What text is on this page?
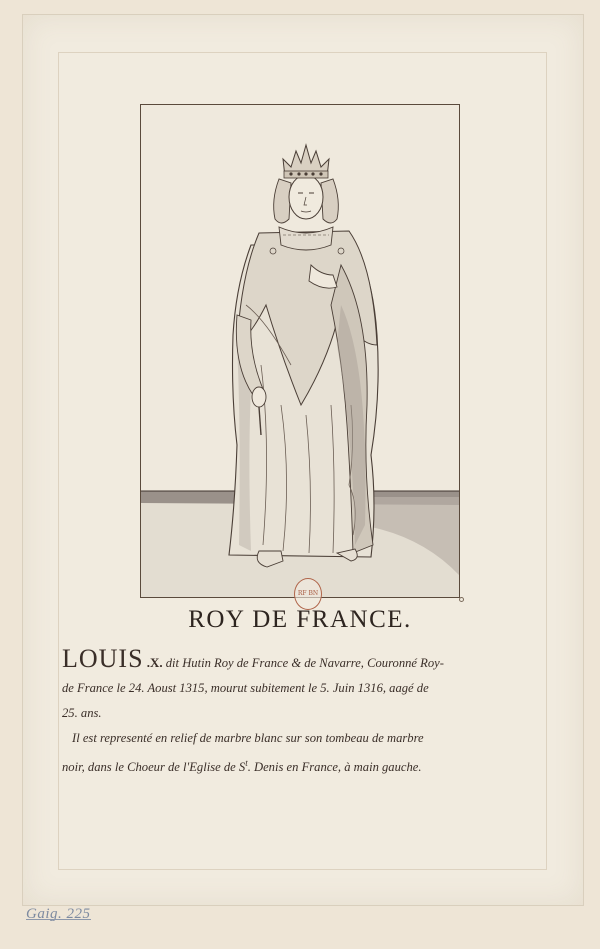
RF BN
ROY DE FRANCE.
LOUIS .X. dit Hutin Roy de France & de Navarre, Couronné Roy-
de France le 24. Aoust 1315, mourut subitement le 5. Juin 1316, aagé de
25. ans.
Il est representé en relief de marbre blanc sur son tombeau de marbre
noir, dans le Choeur de l'Eglise de $S^t$. Denis en France, à main gauche.
Gaig. 225
